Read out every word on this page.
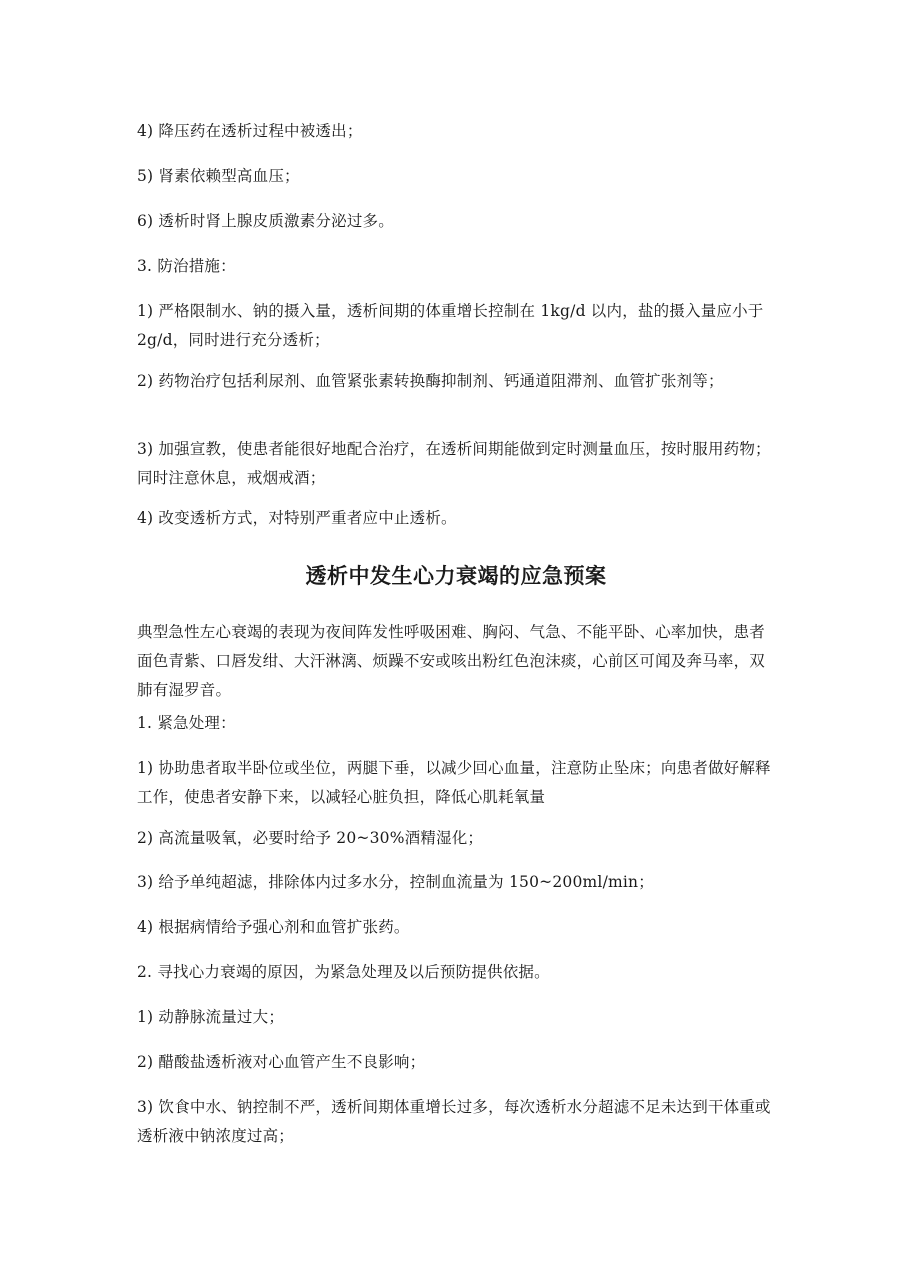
4) 降压药在透析过程中被透出；

5) 肾素依赖型高血压；

6) 透析时肾上腺皮质激素分泌过多。

3. 防治措施：

1) 严格限制水、钠的摄入量，透析间期的体重增长控制在 1kg/d 以内，盐的摄入量应小于 2g/d，同时进行充分透析；

2) 药物治疗包括利尿剂、血管紧张素转换酶抑制剂、钙通道阻滞剂、血管扩张剂等；

3) 加强宣教，使患者能很好地配合治疗，在透析间期能做到定时测量血压，按时服用药物；同时注意休息，戒烟戒酒；

4) 改变透析方式，对特别严重者应中止透析。

透析中发生心力衰竭的应急预案

典型急性左心衰竭的表现为夜间阵发性呼吸困难、胸闷、气急、不能平卧、心率加快，患者面色青紫、口唇发绀、大汗淋漓、烦躁不安或咳出粉红色泡沫痰，心前区可闻及奔马率，双肺有湿罗音。

1. 紧急处理：

1) 协助患者取半卧位或坐位，两腿下垂，以减少回心血量，注意防止坠床；向患者做好解释工作，使患者安静下来，以减轻心脏负担，降低心肌耗氧量

2) 高流量吸氧，必要时给予 20~30%酒精湿化；

3) 给予单纯超滤，排除体内过多水分，控制血流量为 150~200ml/min；

4) 根据病情给予强心剂和血管扩张药。

2. 寻找心力衰竭的原因，为紧急处理及以后预防提供依据。

1) 动静脉流量过大；

2) 醋酸盐透析液对心血管产生不良影响；

3) 饮食中水、钠控制不严，透析间期体重增长过多，每次透析水分超滤不足未达到干体重或透析液中钠浓度过高；
